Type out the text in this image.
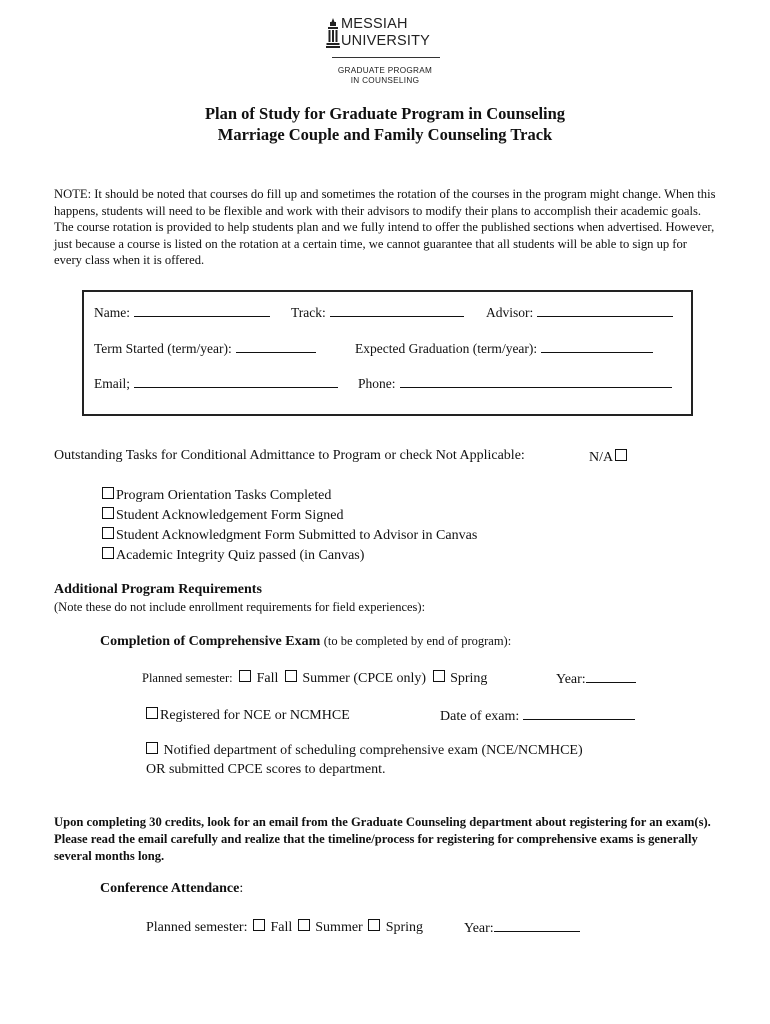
MESSIAH
UNIVERSITY
GRADUATE PROGRAM
IN COUNSELING
Plan of Study for Graduate Program in Counseling
Marriage Couple and Family Counseling Track

NOTE: It should be noted that courses do fill up and sometimes the rotation of the courses in the program might change. When this happens, students will need to be flexible and work with their advisors to modify their plans to accomplish their academic goals. The course rotation is provided to help students plan and we fully intend to offer the published sections when advertised. However, just because a course is listed on the rotation at a certain time, we cannot guarantee that all students will be able to sign up for every class when it is offered.

Name:	Track:	Advisor:
Term Started (term/year):	Expected Graduation (term/year):
Email;	Phone:
Outstanding Tasks for Conditional Admittance to Program or check Not Applicable:	N/A
Program Orientation Tasks Completed
Student Acknowledgement Form Signed
Student Acknowledgment Form Submitted to Advisor in Canvas
Academic Integrity Quiz passed (in Canvas)
Additional Program Requirements
(Note these do not include enrollment requirements for field experiences):
Completion of Comprehensive Exam (to be completed by end of program):
Planned semester: Fall Summer (CPCE only) Spring	Year:
Registered for NCE or NCMHCE	Date of exam:
Notified department of scheduling comprehensive exam (NCE/NCMHCE)
OR submitted CPCE scores to department.

Upon completing 30 credits, look for an email from the Graduate Counseling department about registering for an exam(s). Please read the email carefully and realize that the timeline/process for registering for comprehensive exams is generally several months long.

Conference Attendance:
Planned semester: Fall Summer Spring	Year:
